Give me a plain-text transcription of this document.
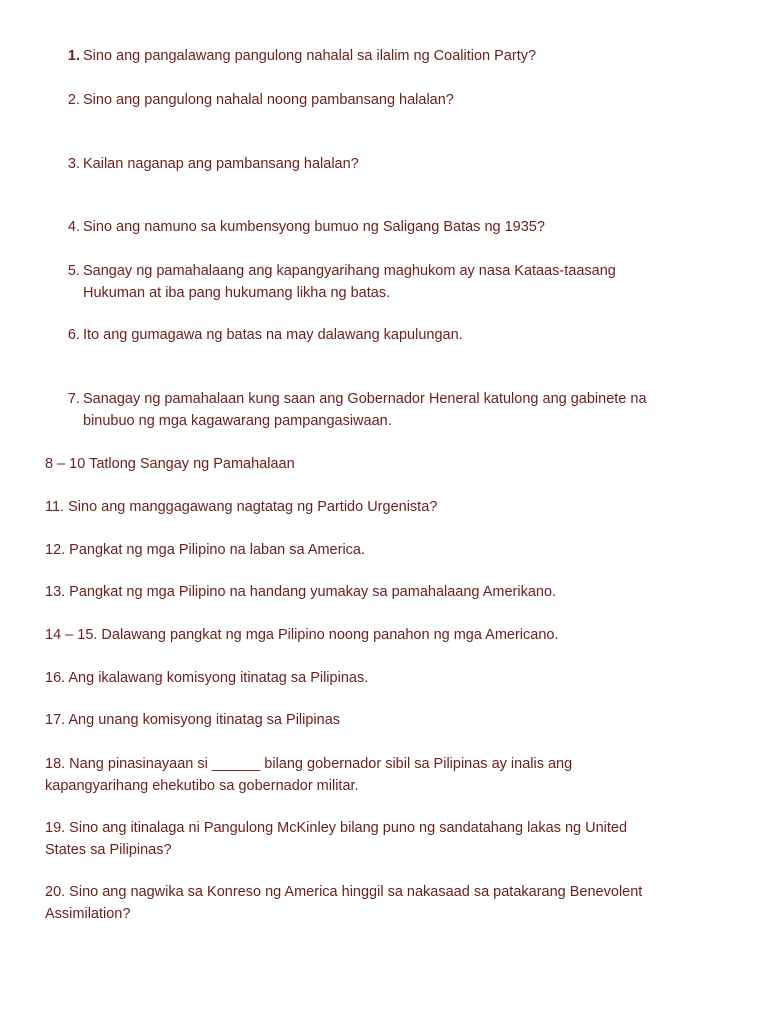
1. Sino ang pangalawang pangulong nahalal sa ilalim ng Coalition Party?
2. Sino ang pangulong nahalal noong pambansang halalan?
3. Kailan naganap ang pambansang halalan?
4. Sino ang namuno sa kumbensyong bumuo ng Saligang Batas ng 1935?
5. Sangay ng pamahalaang ang kapangyarihang maghukom ay nasa Kataas-taasang
Hukuman at iba pang hukumang likha ng batas.
6. Ito ang gumagawa ng batas na may dalawang kapulungan.
7. Sanagay ng pamahalaan kung saan ang Gobernador Heneral katulong ang gabinete na
binubuo ng mga kagawarang pampangasiwaan.
8 – 10 Tatlong Sangay ng Pamahalaan
11. Sino ang manggagawang nagtatag ng Partido Urgenista?
12. Pangkat ng mga Pilipino na laban sa America.
13. Pangkat ng mga Pilipino na handang yumakay sa pamahalaang Amerikano.
14 – 15. Dalawang pangkat ng mga Pilipino noong panahon ng mga Americano.
16. Ang ikalawang komisyong itinatag sa Pilipinas.
17. Ang unang komisyong itinatag sa Pilipinas
18. Nang pinasinayaan si ______ bilang gobernador sibil sa Pilipinas ay inalis ang
kapangyarihang ehekutibo sa gobernador militar.
19. Sino ang itinalaga ni Pangulong McKinley bilang puno ng sandatahang lakas ng United
States sa Pilipinas?
20. Sino ang nagwika sa Konreso ng America hinggil sa nakasaad sa patakarang Benevolent
Assimilation?
